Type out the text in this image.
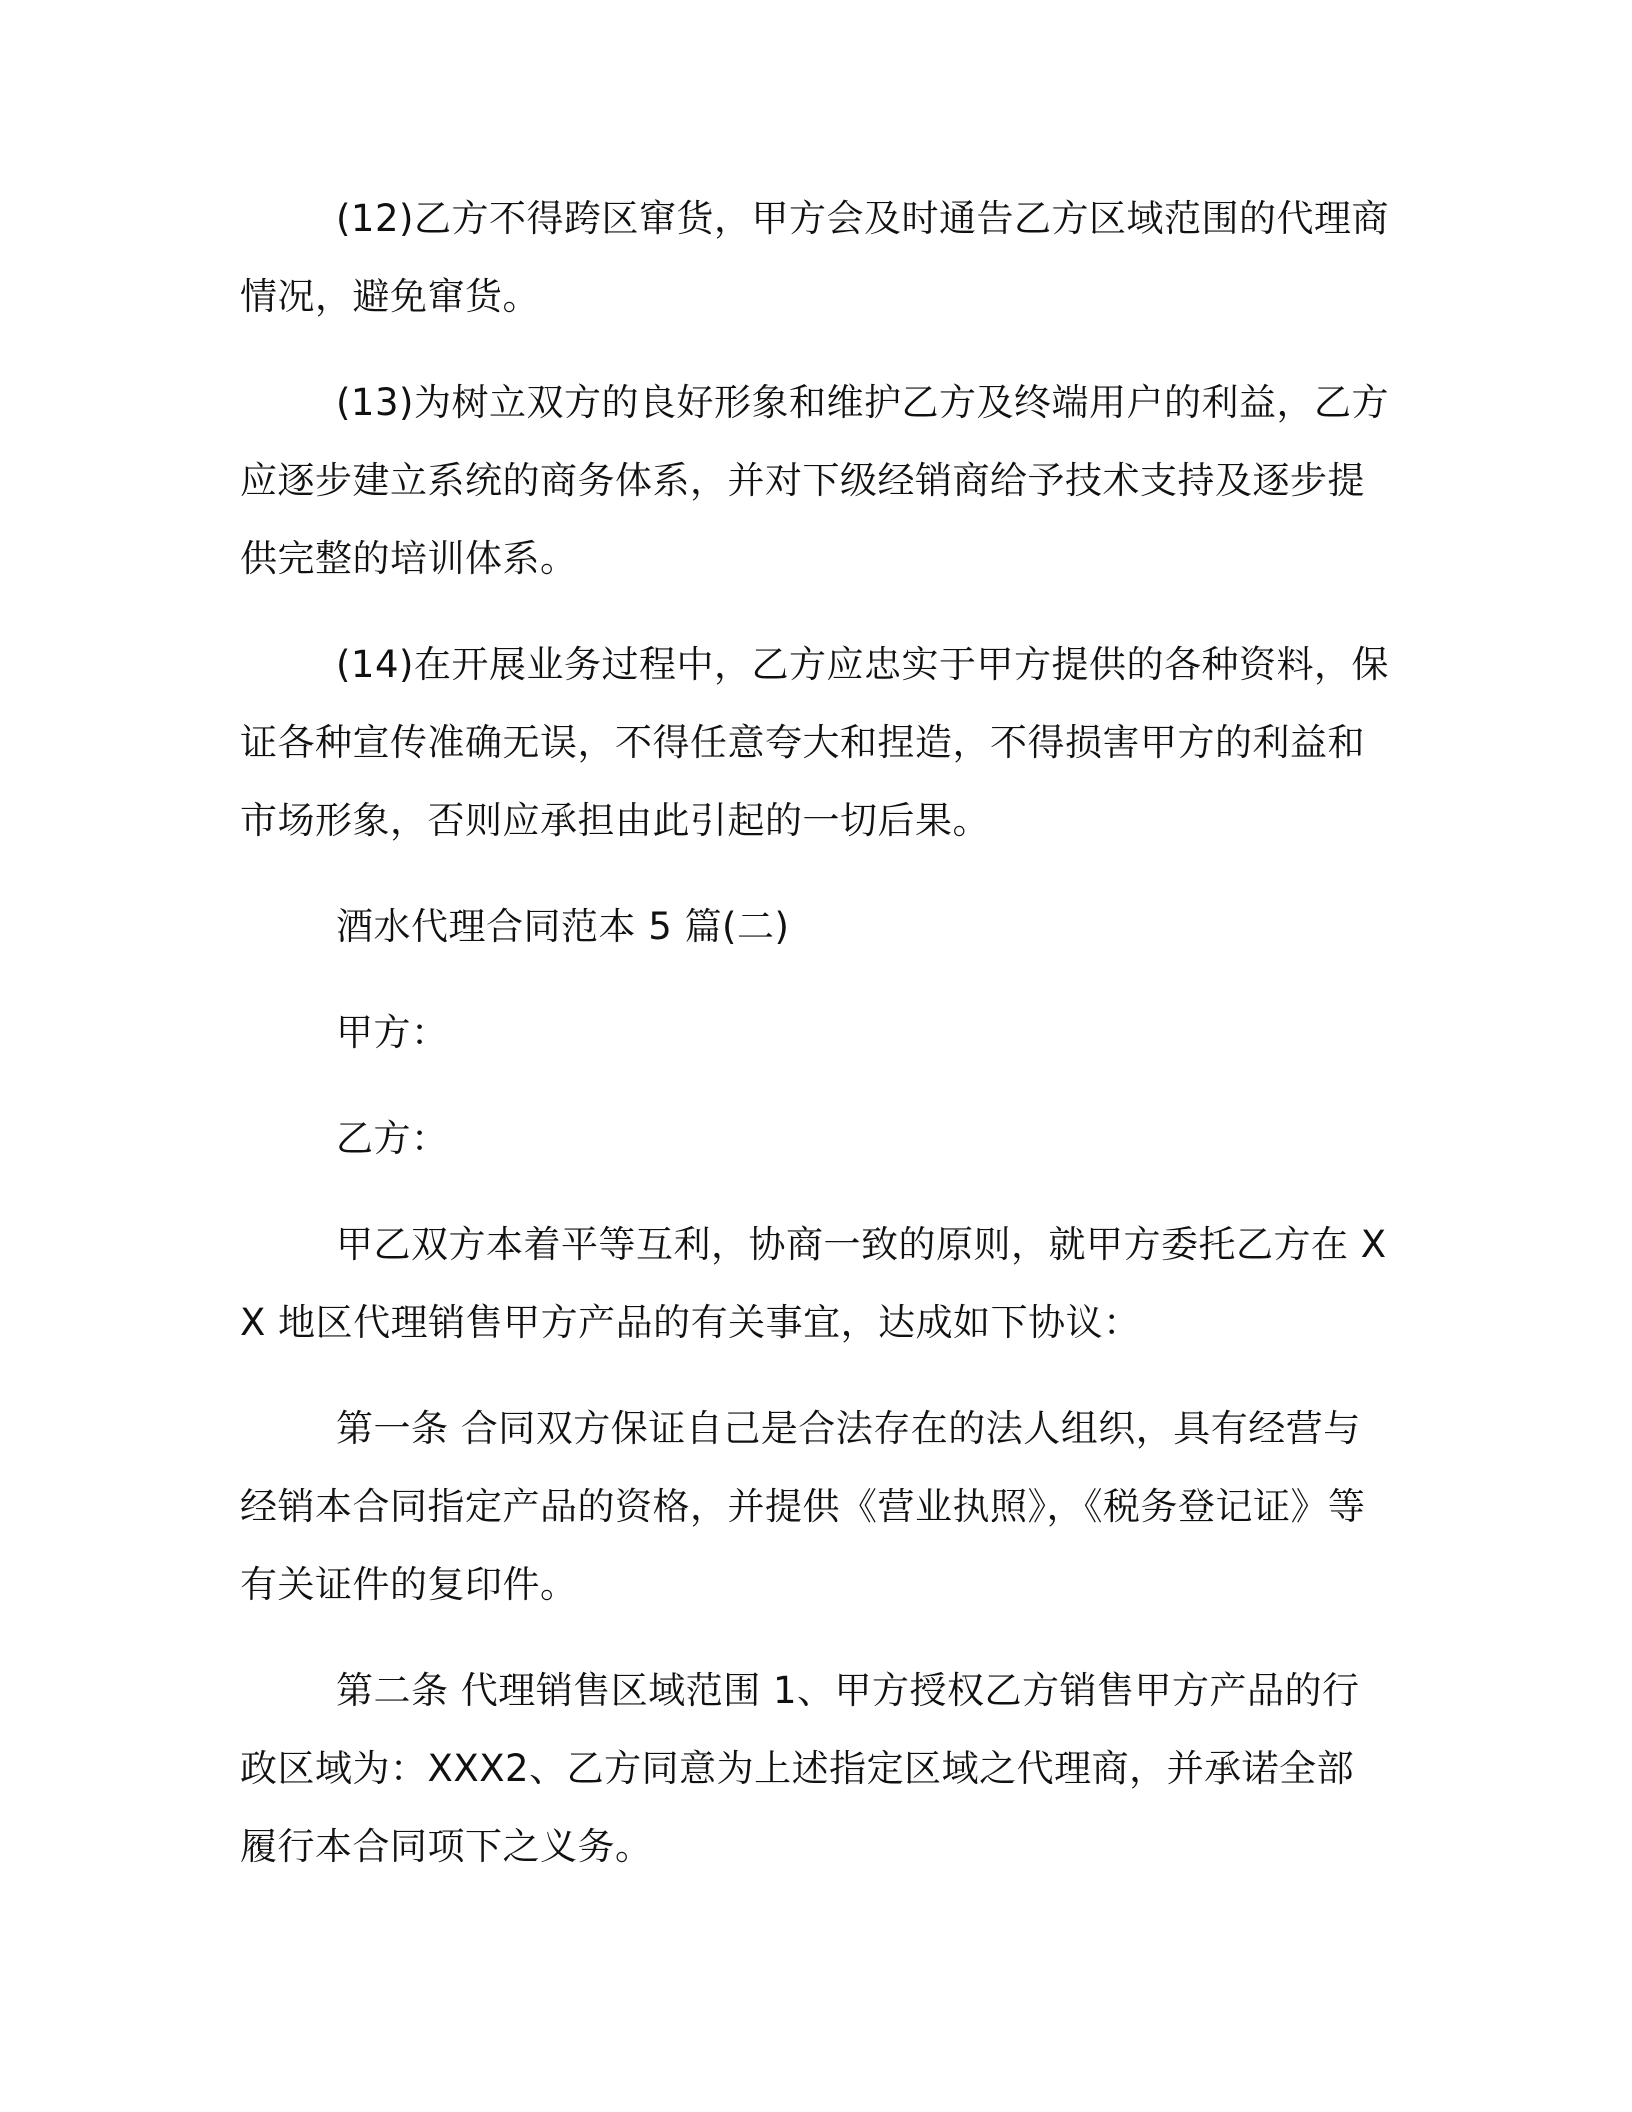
(12)乙方不得跨区窜货，甲方会及时通告乙方区域范围的代理商情况，避免窜货。

(13)为树立双方的良好形象和维护乙方及终端用户的利益，乙方应逐步建立系统的商务体系，并对下级经销商给予技术支持及逐步提供完整的培训体系。

(14)在开展业务过程中，乙方应忠实于甲方提供的各种资料，保证各种宣传准确无误，不得任意夸大和捏造，不得损害甲方的利益和市场形象，否则应承担由此引起的一切后果。

酒水代理合同范本 5 篇(二)

甲方：

乙方：

甲乙双方本着平等互利，协商一致的原则，就甲方委托乙方在 XX 地区代理销售甲方产品的有关事宜，达成如下协议：

第一条 合同双方保证自己是合法存在的法人组织，具有经营与经销本合同指定产品的资格，并提供《营业执照》，《税务登记证》等有关证件的复印件。

第二条 代理销售区域范围 1、甲方授权乙方销售甲方产品的行政区域为：XXX2、乙方同意为上述指定区域之代理商，并承诺全部履行本合同项下之义务。
